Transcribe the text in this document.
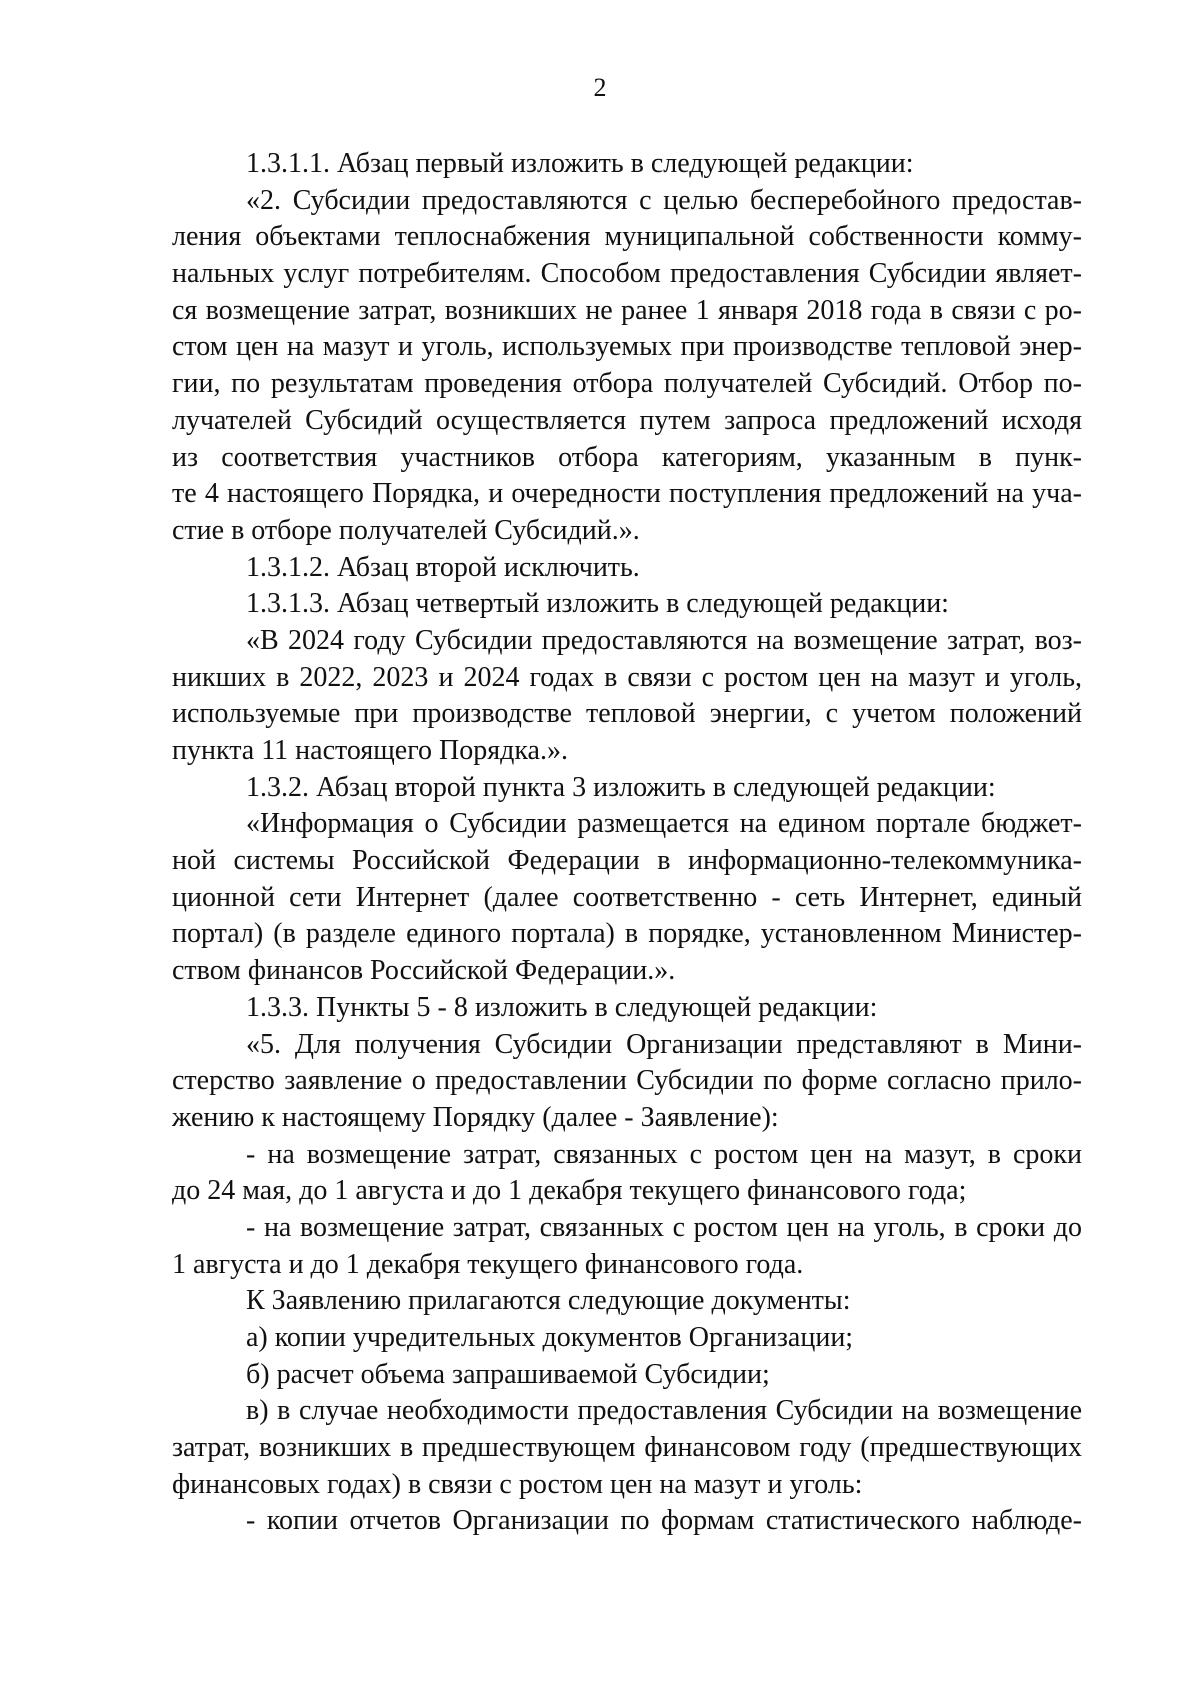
2
1.3.1.1. Абзац первый изложить в следующей редакции:
«2. Субсидии предоставляются с целью бесперебойного предостав-
ления объектами теплоснабжения муниципальной собственности комму-
нальных услуг потребителям. Способом предоставления Субсидии являет-
ся возмещение затрат, возникших не ранее 1 января 2018 года в связи с ро-
стом цен на мазут и уголь, используемых при производстве тепловой энер-
гии, по результатам проведения отбора получателей Субсидий. Отбор по-
лучателей Субсидий осуществляется путем запроса предложений исходя
из соответствия участников отбора категориям, указанным в пунк-
те 4 настоящего Порядка, и очередности поступления предложений на уча-
стие в отборе получателей Субсидий.».
1.3.1.2. Абзац второй исключить.
1.3.1.3. Абзац четвертый изложить в следующей редакции:
«В 2024 году Субсидии предоставляются на возмещение затрат, воз-
никших в 2022, 2023 и 2024 годах в связи с ростом цен на мазут и уголь,
используемые при производстве тепловой энергии, с учетом положений
пункта 11 настоящего Порядка.».
1.3.2. Абзац второй пункта 3 изложить в следующей редакции:
«Информация о Субсидии размещается на едином портале бюджет-
ной системы Российской Федерации в информационно-телекоммуника-
ционной сети Интернет (далее соответственно - сеть Интернет, единый
портал) (в разделе единого портала) в порядке, установленном Министер-
ством финансов Российской Федерации.».
1.3.3. Пункты 5 - 8 изложить в следующей редакции:
«5. Для получения Субсидии Организации представляют в Мини-
стерство заявление о предоставлении Субсидии по форме согласно прило-
жению к настоящему Порядку (далее - Заявление):
- на возмещение затрат, связанных с ростом цен на мазут, в сроки
до 24 мая, до 1 августа и до 1 декабря текущего финансового года;
- на возмещение затрат, связанных с ростом цен на уголь, в сроки до
1 августа и до 1 декабря текущего финансового года.
К Заявлению прилагаются следующие документы:
а) копии учредительных документов Организации;
б) расчет объема запрашиваемой Субсидии;
в) в случае необходимости предоставления Субсидии на возмещение
затрат, возникших в предшествующем финансовом году (предшествующих
финансовых годах) в связи с ростом цен на мазут и уголь:
- копии отчетов Организации по формам статистического наблюде-
